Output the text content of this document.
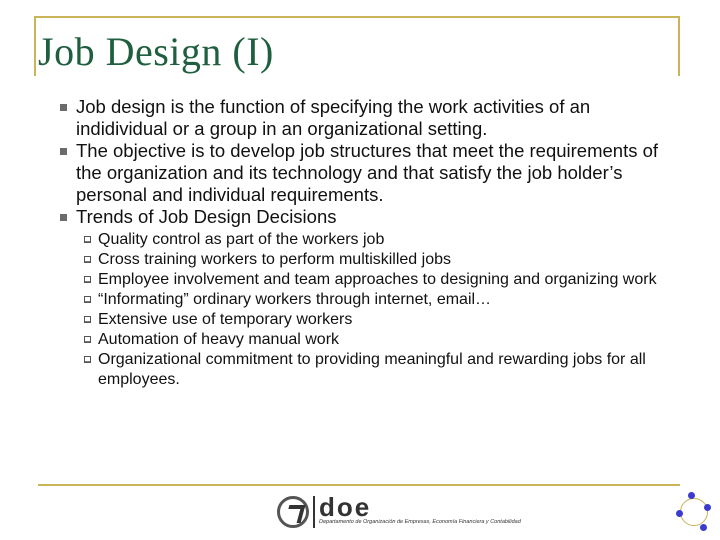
Job Design (I)
Job design is the function of specifying the work activities of an indidividual or a group in an organizational setting.
The objective is to develop job structures that meet the requirements of the organization and its technology and that satisfy the job holder’s personal and individual requirements.
Trends of Job Design Decisions
Quality control as part of the workers job
Cross training workers to perform multiskilled jobs
Employee involvement and team approaches to designing and organizing work
“Informating” ordinary workers through internet, email…
Extensive use of temporary workers
Automation of heavy manual work
Organizational commitment to providing meaningful and rewarding jobs for all employees.
doe
Departamento de Organización de Empresas, Economía Financiera y Contabilidad
